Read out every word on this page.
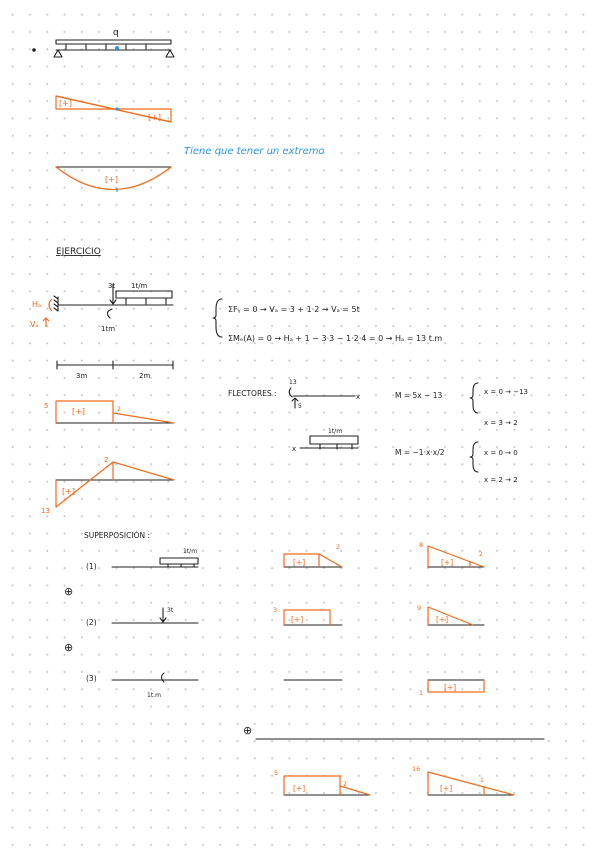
q
[+]
[+]
Tiene que tener un extremo
[+]
EJERCICIO
3t 1t/m
1tm
Hₐ
Vₐ
3m	2m
ΣFᵧ = 0 → Vₐ = 3 + 1·2 → Vₐ = 5t
ΣMₑ(A) = 0 → Hₐ + 1 − 3·3 − 1·2·4 = 0 → Hₐ = 13 t.m
5	2
[+]
2
13
[+]
FLECTORES :
13
5
x
1t/m
x
M = 5x − 13	x = 0 → −13
x = 3 → 2
M = −1·x·x/2	x = 0 → 0
x = 2 → 2
SUPERPOSICIÓN :
(1)
1t/m
2
[+]
8
2
[+]
⊕
(2)
3t	3
[+]
9
[+]
⊕
(3)
1t.m	1
[+]
⊕
5
2
[+]
16
1
[+]
